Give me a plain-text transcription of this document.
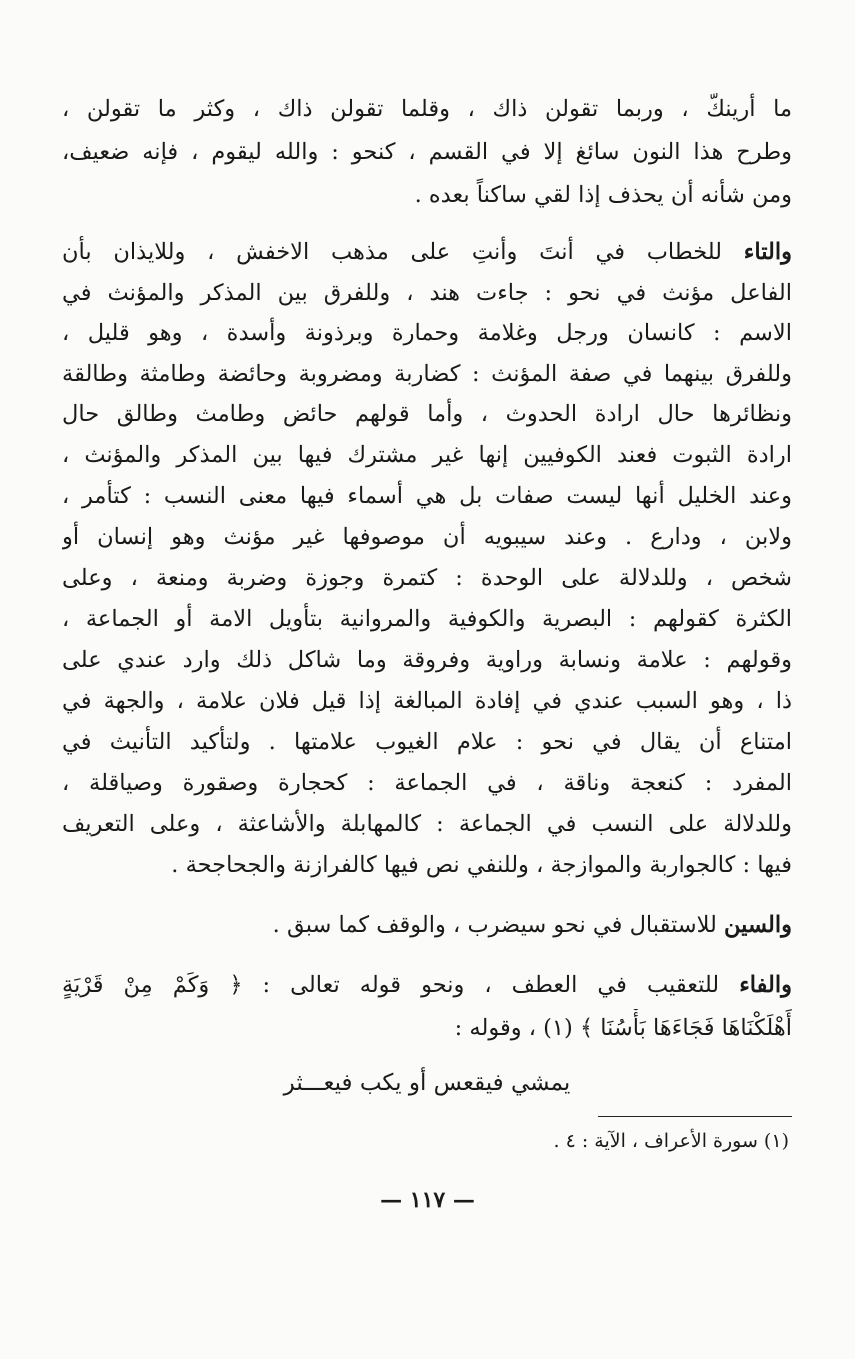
ما أرينكّ ، وربما تقولن ذاك ، وقلما تقولن ذاك ، وكثر ما تقولن ،
وطرح هذا النون سائغ إلا في القسم ، كنحو : والله ليقوم ، فإنه ضعيف،
ومن شأنه أن يحذف إذا لقي ساكناً بعده .
والتاء للخطاب في أنتَ وأنتِ على مذهب الاخفش ، وللايذان بأن
الفاعل مؤنث في نحو : جاءت هند ، وللفرق بين المذكر والمؤنث في
الاسم : كانسان ورجل وغلامة وحمارة وبرذونة وأسدة ، وهو قليل ،
وللفرق بينهما في صفة المؤنث : كضاربة ومضروبة وحائضة وطامثة وطالقة
ونظائرها حال ارادة الحدوث ، وأما قولهم حائض وطامث وطالق حال
ارادة الثبوت فعند الكوفيين إنها غير مشترك فيها بين المذكر والمؤنث ،
وعند الخليل أنها ليست صفات بل هي أسماء فيها معنى النسب : كتأمر ،
ولابن ، ودارع . وعند سيبويه أن موصوفها غير مؤنث وهو إنسان أو
شخص ، وللدلالة على الوحدة : كتمرة وجوزة وضربة ومنعة ، وعلى
الكثرة كقولهم : البصرية والكوفية والمروانية بتأويل الامة أو الجماعة ،
وقولهم : علامة ونسابة وراوية وفروقة وما شاكل ذلك وارد عندي على
ذا ، وهو السبب عندي في إفادة المبالغة إذا قيل فلان علامة ، والجهة في
امتناع أن يقال في نحو : علام الغيوب علامتها . ولتأكيد التأنيث في
المفرد : كنعجة وناقة ، في الجماعة : كحجارة وصقورة وصياقلة ،
وللدلالة على النسب في الجماعة : كالمهابلة والأشاعثة ، وعلى التعريف
فيها : كالجواربة والموازجة ، وللنفي نص فيها كالفرازنة والجحاجحة .
والسين للاستقبال في نحو سيضرب ، والوقف كما سبق .
والفاء للتعقيب في العطف ، ونحو قوله تعالى : ﴿ وَكَمْ مِنْ قَرْيَةٍ
أَهْلَكْنَاهَا فَجَاءَهَا بَأْسُنَا ﴾ (١) ، وقوله :
يمشي فيقعس أو يكب فيعـــثر
(١) سورة الأعراف ، الآية : ٤ .
— ١١٧ —
